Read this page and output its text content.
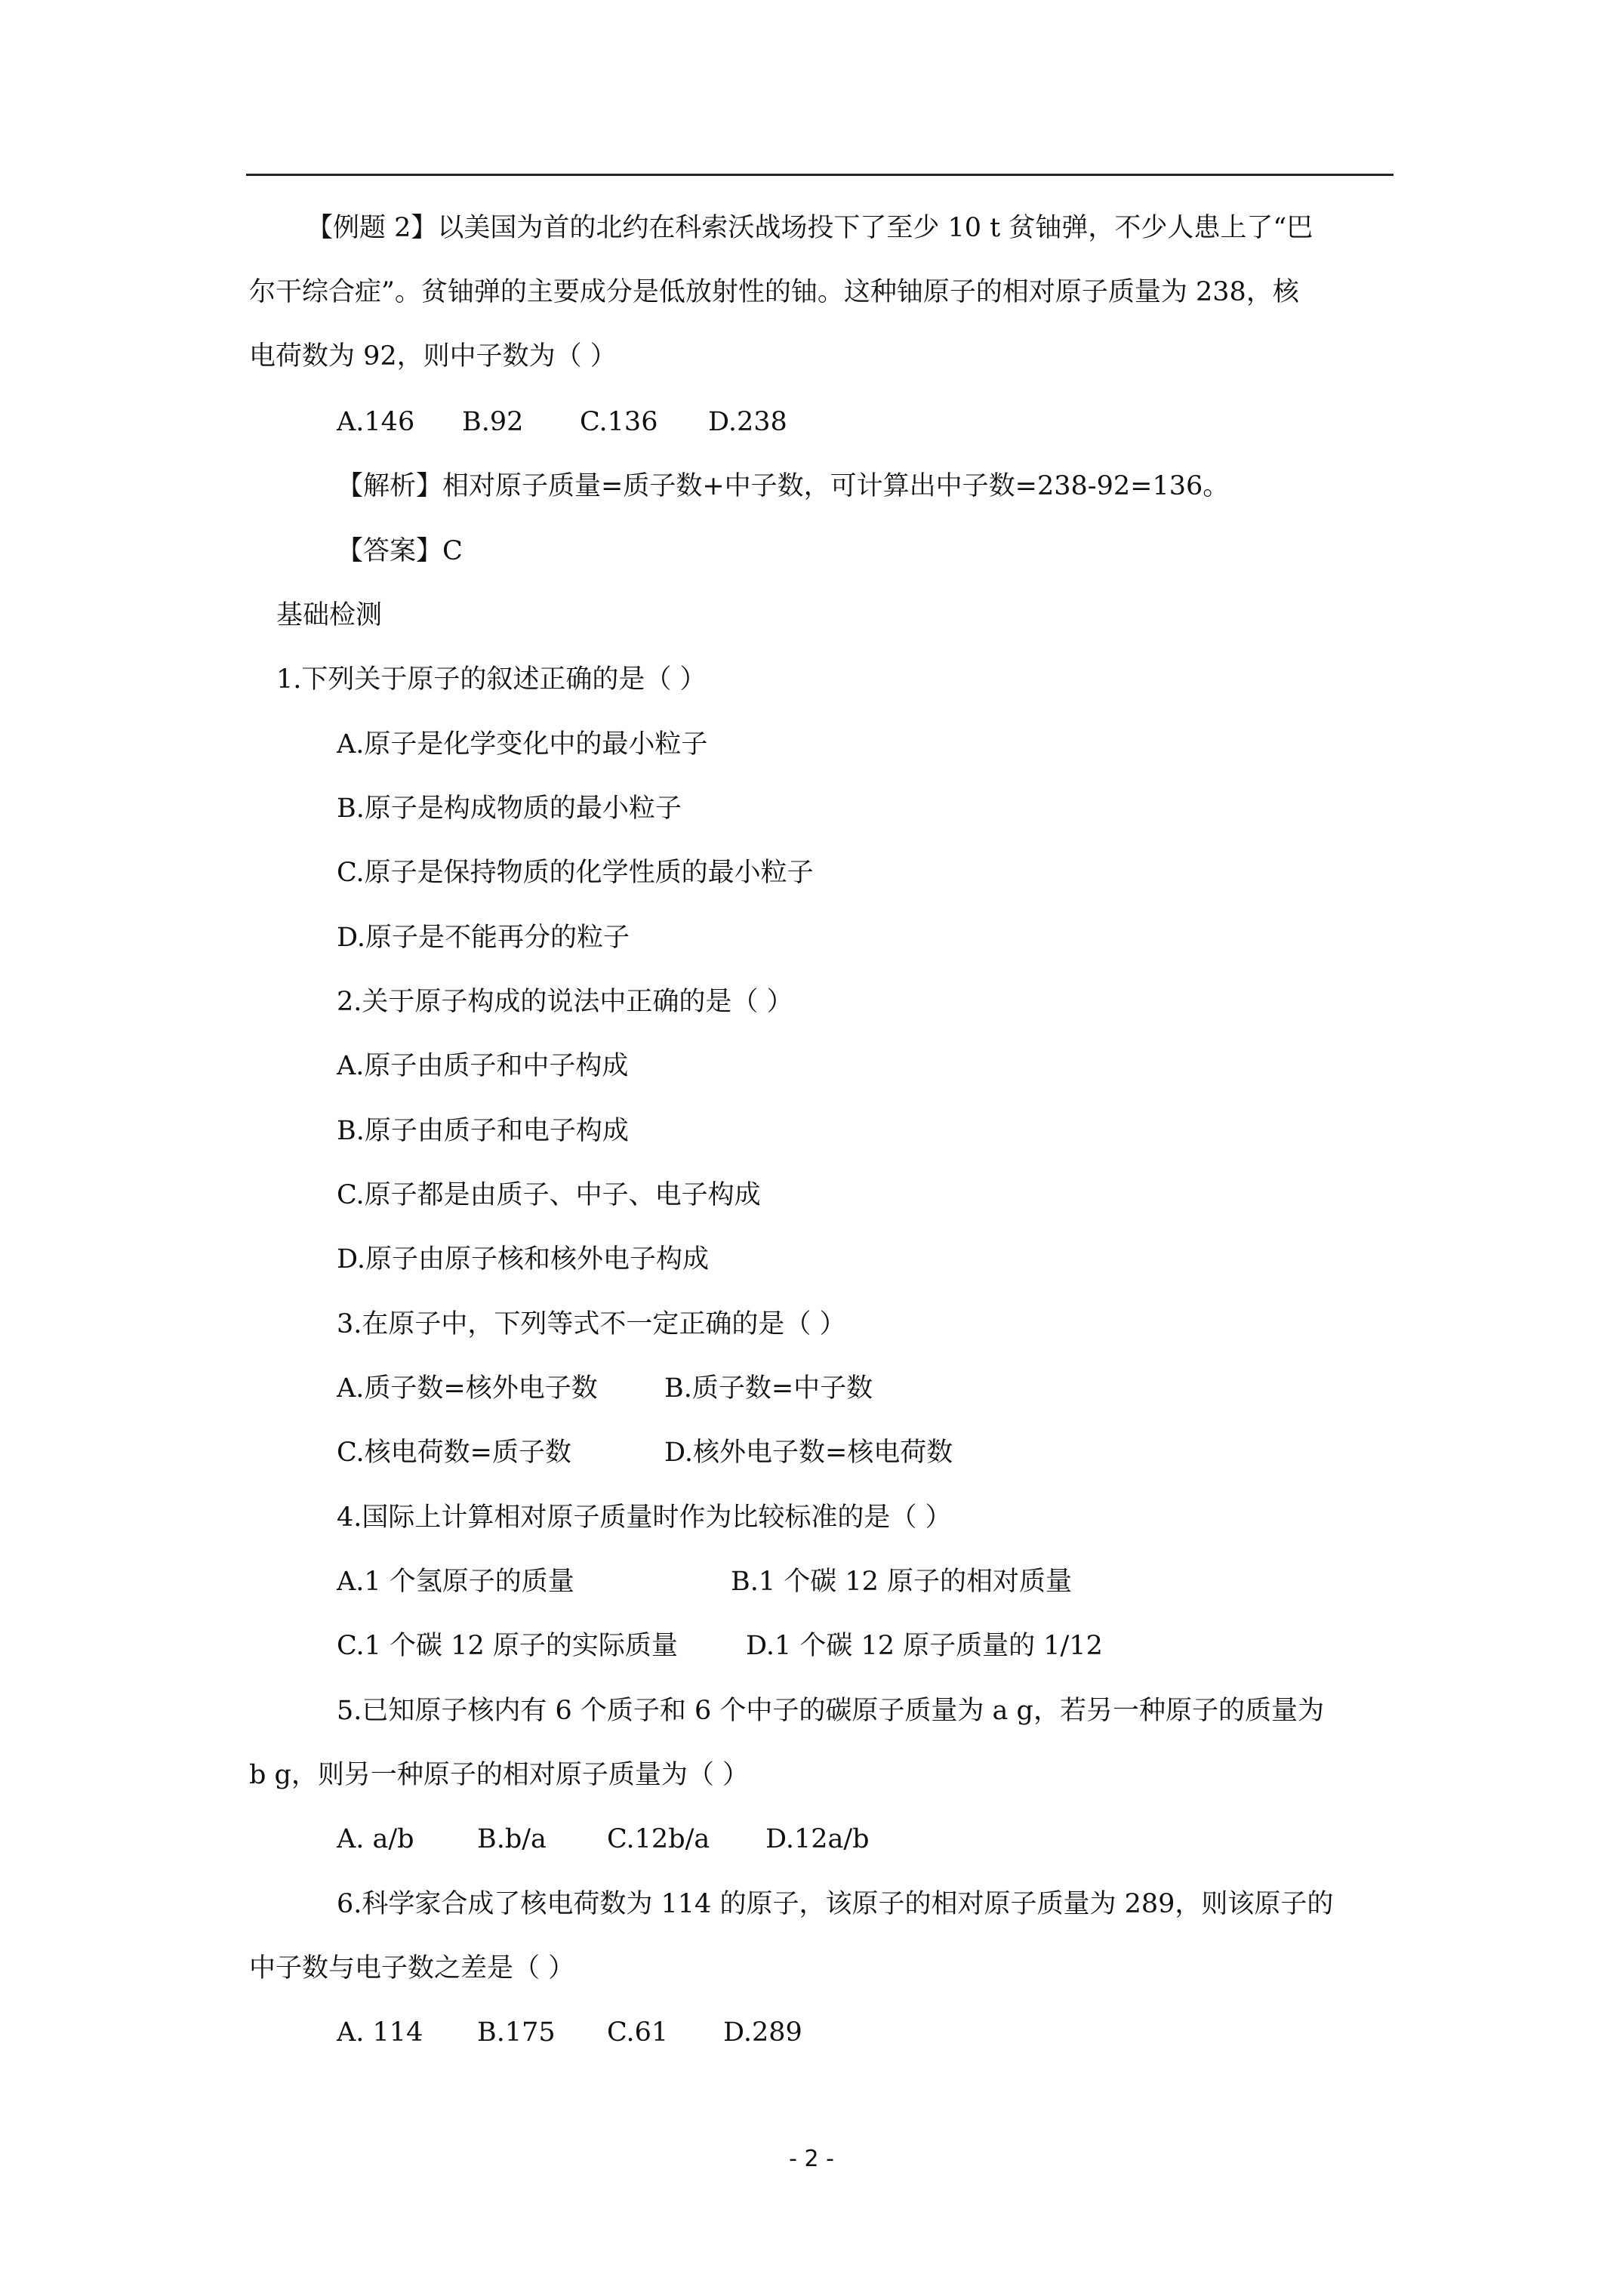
【例题 2】以美国为首的北约在科索沃战场投下了至少 10 t 贫铀弹，不少人患上了“巴
尔干综合症”。贫铀弹的主要成分是低放射性的铀。这种铀原子的相对原子质量为 238，核
电荷数为 92，则中子数为（ ）
A.146 B.92 C.136 D.238
【解析】相对原子质量=质子数+中子数，可计算出中子数=238-92=136。
【答案】C
基础检测
1.下列关于原子的叙述正确的是（ ）
A.原子是化学变化中的最小粒子
B.原子是构成物质的最小粒子
C.原子是保持物质的化学性质的最小粒子
D.原子是不能再分的粒子
2.关于原子构成的说法中正确的是（ ）
A.原子由质子和中子构成
B.原子由质子和电子构成
C.原子都是由质子、中子、电子构成
D.原子由原子核和核外电子构成
3.在原子中，下列等式不一定正确的是（ ）
A.质子数=核外电子数	B.质子数=中子数
C.核电荷数=质子数	D.核外电子数=核电荷数
4.国际上计算相对原子质量时作为比较标准的是（ ）
A.1 个氢原子的质量	B.1 个碳 12 原子的相对质量
C.1 个碳 12 原子的实际质量	D.1 个碳 12 原子质量的 1/12
5.已知原子核内有 6 个质子和 6 个中子的碳原子质量为 a g，若另一种原子的质量为
b g，则另一种原子的相对原子质量为（ ）
A. a/b B.b/a C.12b/a D.12a/b
6.科学家合成了核电荷数为 114 的原子，该原子的相对原子质量为 289，则该原子的
中子数与电子数之差是（ ）
A. 114 B.175 C.61 D.289
- 2 -
